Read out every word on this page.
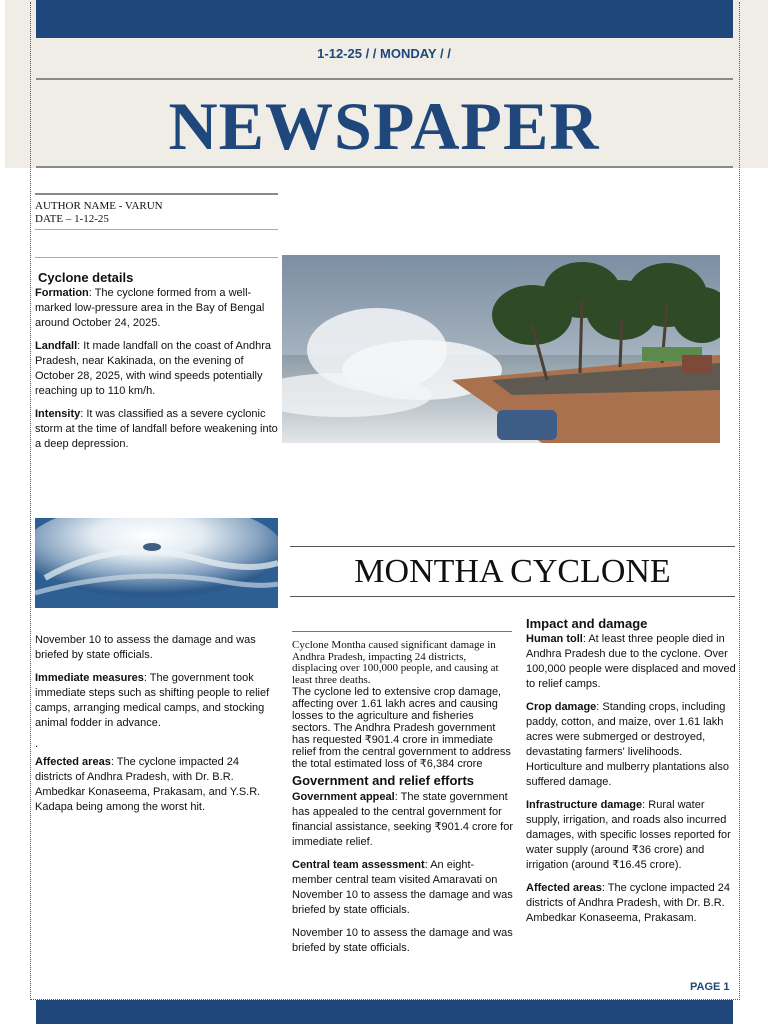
1-12-25 / / MONDAY / /
NEWSPAPER
AUTHOR NAME - VARUN
DATE – 1-12-25
Cyclone details

Formation: The cyclone formed from a well-marked low-pressure area in the Bay of Bengal around October 24, 2025.

Landfall: It made landfall on the coast of Andhra Pradesh, near Kakinada, on the evening of October 28, 2025, with wind speeds potentially reaching up to 110 km/h.

Intensity: It was classified as a severe cyclonic storm at the time of landfall before weakening into a deep depression.

November 10 to assess the damage and was briefed by state officials.

Immediate measures: The government took immediate steps such as shifting people to relief camps, arranging medical camps, and stocking animal fodder in advance.

.

Affected areas: The cyclone impacted 24 districts of Andhra Pradesh, with Dr. B.R. Ambedkar Konaseema, Prakasam, and Y.S.R. Kadapa being among the worst hit.

MONTHA CYCLONE
Cyclone Montha caused significant damage in Andhra Pradesh, impacting 24 districts, displacing over 100,000 people, and causing at least three deaths.
The cyclone led to extensive crop damage, affecting over 1.61 lakh acres and causing losses to the agriculture and fisheries sectors. The Andhra Pradesh government has requested ₹901.4 crore in immediate relief from the central government to address the total estimated loss of ₹6,384 crore
Government and relief efforts

Government appeal: The state government has appealed to the central government for financial assistance, seeking ₹901.4 crore for immediate relief.

Central team assessment: An eight-member central team visited Amaravati on November 10 to assess the damage and was briefed by state officials.

November 10 to assess the damage and was briefed by state officials.

Impact and damage

Human toll: At least three people died in Andhra Pradesh due to the cyclone. Over 100,000 people were displaced and moved to relief camps.

Crop damage: Standing crops, including paddy, cotton, and maize, over 1.61 lakh acres were submerged or destroyed, devastating farmers' livelihoods. Horticulture and mulberry plantations also suffered damage.

Infrastructure damage: Rural water supply, irrigation, and roads also incurred damages, with specific losses reported for water supply (around ₹36 crore) and irrigation (around ₹16.45 crore).

Affected areas: The cyclone impacted 24 districts of Andhra Pradesh, with Dr. B.R. Ambedkar Konaseema, Prakasam.

PAGE 1
